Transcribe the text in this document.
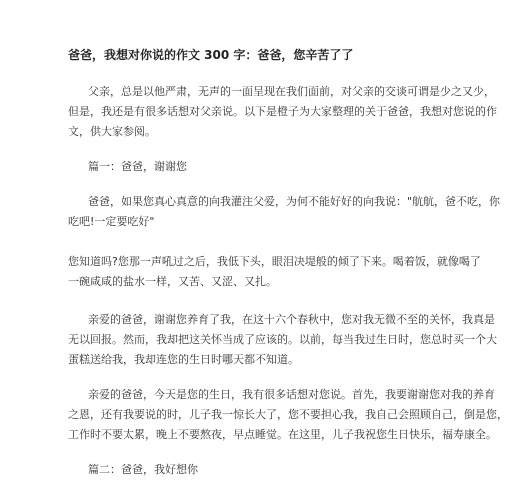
爸爸，我想对你说的作文 300 字：爸爸，您辛苦了了
父亲，总是以他严肃，无声的一面呈现在我们面前，对父亲的交谈可谓是少之又少，
但是，我还是有很多话想对父亲说。以下是橙子为大家整理的关于爸爸，我想对您说的作
文，供大家参阅。
篇一：爸爸，谢谢您
爸爸，如果您真心真意的向我灌注父爱，为何不能好好的向我说："航航，爸不吃，你
吃吧!一定要吃好"
您知道吗?您那一声吼过之后，我低下头，眼泪决堤般的倾了下来。喝着饭，就像喝了
一碗咸咸的盐水一样，又苦、又涩、又扎。
亲爱的爸爸，谢谢您养育了我，在这十六个春秋中，您对我无微不至的关怀，我真是
无以回报。然而，我却把这关怀当成了应该的。以前，每当我过生日时，您总时买一个大
蛋糕送给我，我却连您的生日时哪天都不知道。
亲爱的爸爸，今天是您的生日，我有很多话想对您说。首先，我要谢谢您对我的养育
之恩，还有我要说的时，儿子我一惊长大了，您不要担心我，我自己会照顾自己，倒是您，
工作时不要太累，晚上不要熬夜，早点睡觉。在这里，儿子我祝您生日快乐，福寿康全。
篇二：爸爸，我好想你
